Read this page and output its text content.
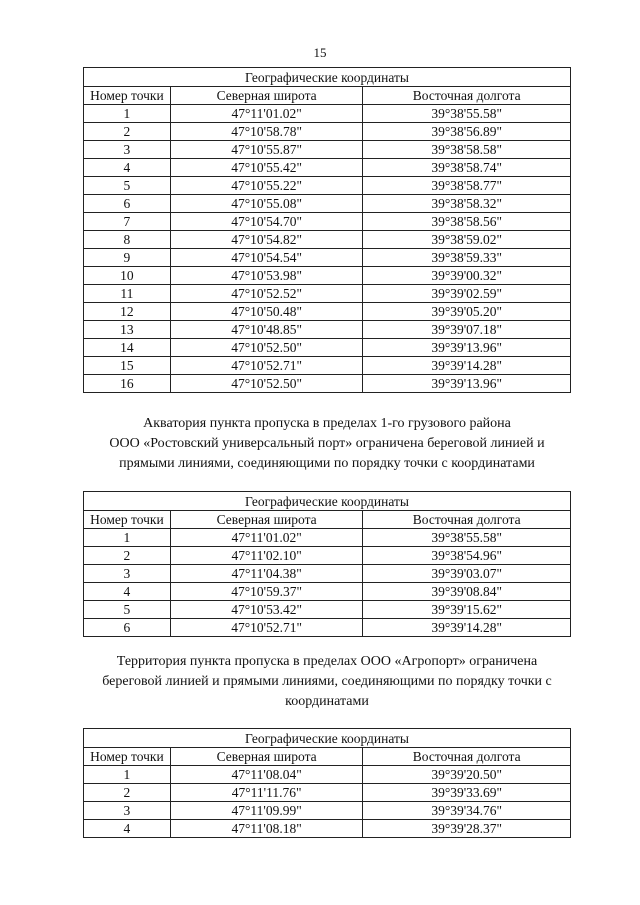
15
Географические координаты		
Номер точки	Северная широта	Восточная долгота
1	47°11'01.02"	39°38'55.58"
2	47°10'58.78"	39°38'56.89"
3	47°10'55.87"	39°38'58.58"
4	47°10'55.42"	39°38'58.74"
5	47°10'55.22"	39°38'58.77"
6	47°10'55.08"	39°38'58.32"
7	47°10'54.70"	39°38'58.56"
8	47°10'54.82"	39°38'59.02"
9	47°10'54.54"	39°38'59.33"
10	47°10'53.98"	39°39'00.32"
11	47°10'52.52"	39°39'02.59"
12	47°10'50.48"	39°39'05.20"
13	47°10'48.85"	39°39'07.18"
14	47°10'52.50"	39°39'13.96"
15	47°10'52.71"	39°39'14.28"
16	47°10'52.50"	39°39'13.96"
Акватория пункта пропуска в пределах 1-го грузового района
ООО «Ростовский универсальный порт» ограничена береговой линией и
прямыми линиями, соединяющими по порядку точки с координатами
Географические координаты		
Номер точки	Северная широта	Восточная долгота
1	47°11'01.02"	39°38'55.58"
2	47°11'02.10"	39°38'54.96"
3	47°11'04.38"	39°39'03.07"
4	47°10'59.37"	39°39'08.84"
5	47°10'53.42"	39°39'15.62"
6	47°10'52.71"	39°39'14.28"
Территория пункта пропуска в пределах ООО «Агропорт» ограничена
береговой линией и прямыми линиями, соединяющими по порядку точки с
координатами
Географические координаты		
Номер точки	Северная широта	Восточная долгота
1	47°11'08.04"	39°39'20.50"
2	47°11'11.76"	39°39'33.69"
3	47°11'09.99"	39°39'34.76"
4	47°11'08.18"	39°39'28.37"
